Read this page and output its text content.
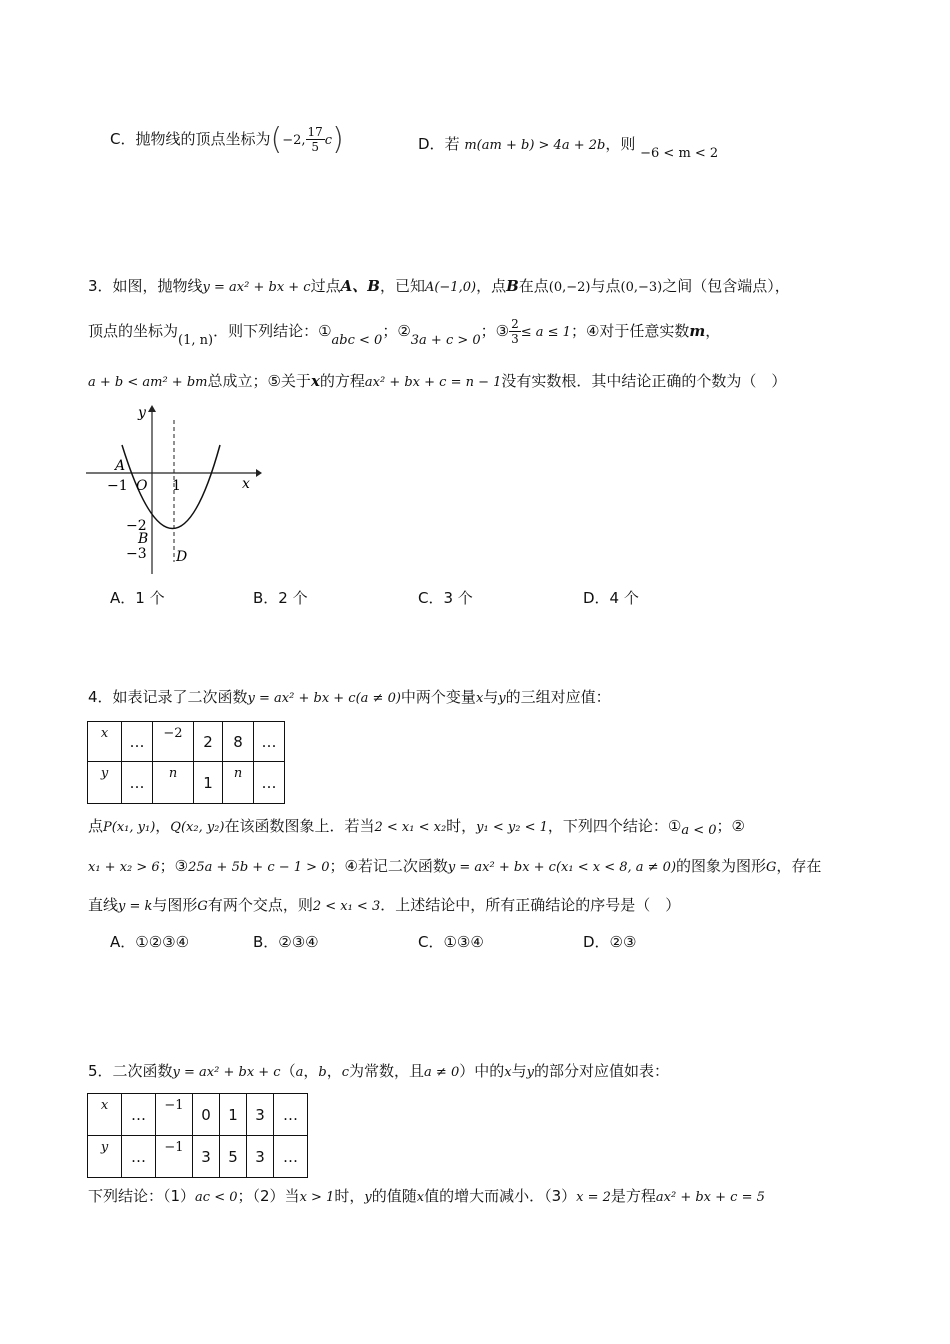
C．抛物线的顶点坐标为(−2, $\frac{17}{5} c$)	D．若 m(am + b) > 4a + 2b，则 −6 < m < 2
3．如图，抛物线y = ax² + bx + c过点A、B，已知A(−1,0)，点B在点(0,−2)与点(0,−3)之间（包含端点），
顶点的坐标为(1, n)．则下列结论：①abc < 0；②3a + c > 0；③ $\frac{2}{3} \le a \le 1$；④对于任意实数m，
a + b < am² + bm总成立；⑤关于x的方程ax² + bx + c = n − 1没有实数根．其中结论正确的个数为（　）
y
x
A
−1 O 1
−2
B
−3 D
A．1 个	B．2 个	C．3 个	D．4 个
4．如表记录了二次函数y = ax² + bx + c(a ≠ 0)中两个变量x与y的三组对应值：
x	…	−2	2	8	…
y	…	n	1	n	…
点P(x₁, y₁)，Q(x₂, y₂)在该函数图象上．若当2 < x₁ < x₂时，y₁ < y₂ < 1，下列四个结论：①a < 0；②
x₁ + x₂ > 6；③25a + 5b + c − 1 > 0；④若记二次函数y = ax² + bx + c(x₁ < x < 8, a ≠ 0)的图象为图形G，存在
直线y = k与图形G有两个交点，则2 < x₁ < 3．上述结论中，所有正确结论的序号是（　）
A．①②③④	B．②③④	C．①③④	D．②③
5．二次函数y = ax² + bx + c（a，b，c为常数，且a ≠ 0）中的x与y的部分对应值如表：
x	…	−1	0	1	3	…
y	…	−1	3	5	3	…
下列结论：（1）ac < 0；（2）当x > 1时，y的值随x值的增大而减小．（3）x = 2是方程ax² + bx + c = 5
